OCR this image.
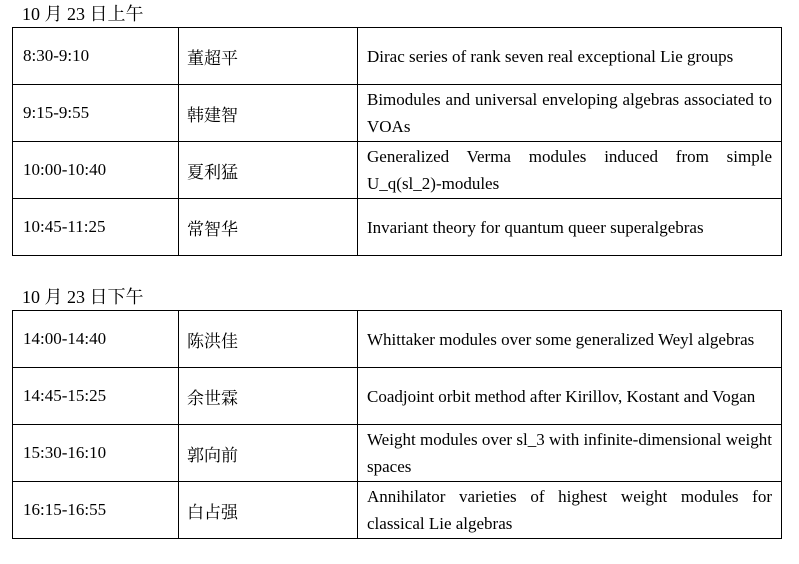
10 月 23 日上午
8:30-9:10	董超平	Dirac series of rank seven real exceptional Lie groups
9:15-9:55	韩建智	Bimodules and universal enveloping algebras associated to VOAs
10:00-10:40	夏利猛	Generalized Verma modules induced from simple U_q(sl_2)-modules
10:45-11:25	常智华	Invariant theory for quantum queer superalgebras
10 月 23 日下午
14:00-14:40	陈洪佳	Whittaker modules over some generalized Weyl algebras
14:45-15:25	余世霖	Coadjoint orbit method after Kirillov, Kostant and Vogan
15:30-16:10	郭向前	Weight modules over sl_3 with infinite-dimensional weight spaces
16:15-16:55	白占强	Annihilator varieties of highest weight modules for classical Lie algebras
